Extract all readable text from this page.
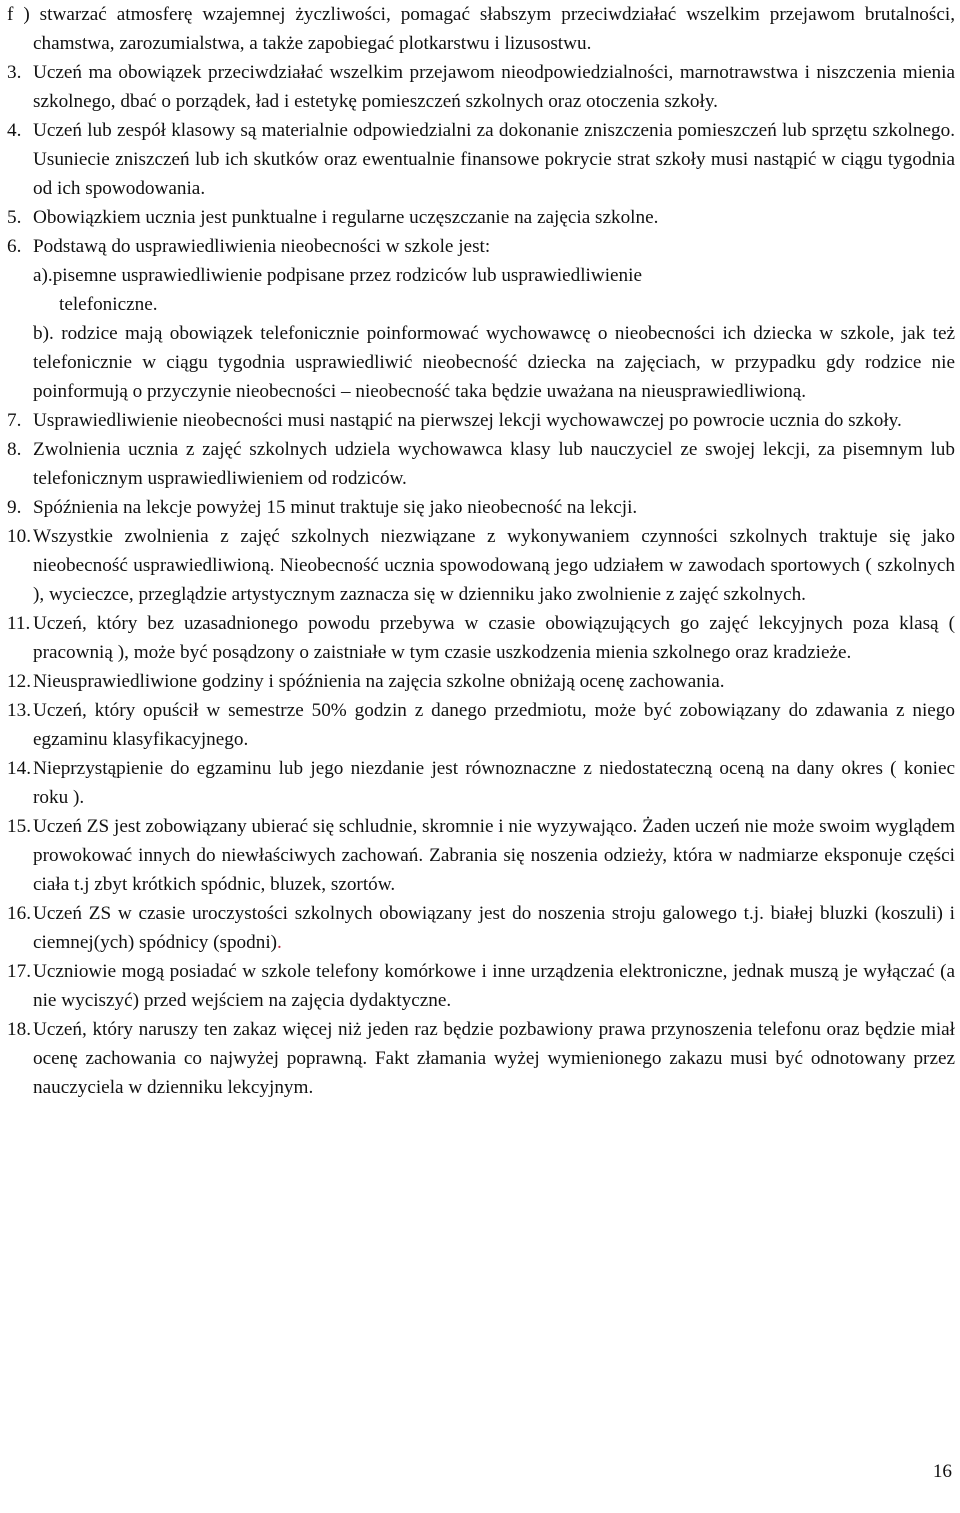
f ) stwarzać atmosferę wzajemnej życzliwości, pomagać słabszym przeciwdziałać wszelkim przejawom brutalności, chamstwa, zarozumialstwa, a także zapobiegać plotkarstwu i lizusostwu.
3. Uczeń ma obowiązek przeciwdziałać wszelkim przejawom nieodpowiedzialności, marnotrawstwa i niszczenia mienia szkolnego, dbać o porządek, ład i estetykę pomieszczeń szkolnych oraz otoczenia szkoły.
4. Uczeń lub zespół klasowy są materialnie odpowiedzialni za dokonanie zniszczenia pomieszczeń lub sprzętu szkolnego. Usuniecie zniszczeń lub ich skutków oraz ewentualnie finansowe pokrycie strat szkoły musi nastąpić w ciągu tygodnia od ich spowodowania.
5. Obowiązkiem ucznia jest punktualne i regularne uczęszczanie na zajęcia szkolne.
6. Podstawą do usprawiedliwienia nieobecności w szkole jest:
a).pisemne usprawiedliwienie podpisane przez rodziców lub usprawiedliwienie
telefoniczne.
b). rodzice mają obowiązek telefonicznie poinformować wychowawcę o nieobecności ich dziecka w szkole, jak też telefonicznie w ciągu tygodnia usprawiedliwić nieobecność dziecka na zajęciach, w przypadku gdy rodzice nie poinformują o przyczynie nieobecności – nieobecność taka będzie uważana na nieusprawiedliwioną.
7. Usprawiedliwienie nieobecności musi nastąpić na pierwszej lekcji wychowawczej po powrocie ucznia do szkoły.
8. Zwolnienia ucznia z zajęć szkolnych udziela wychowawca klasy lub nauczyciel ze swojej lekcji, za pisemnym lub telefonicznym usprawiedliwieniem od rodziców.
9. Spóźnienia na lekcje powyżej 15 minut traktuje się jako nieobecność na lekcji.
10. Wszystkie zwolnienia z zajęć szkolnych niezwiązane z wykonywaniem czynności szkolnych traktuje się jako nieobecność usprawiedliwioną. Nieobecność ucznia spowodowaną jego udziałem w zawodach sportowych ( szkolnych ), wycieczce, przeglądzie artystycznym zaznacza się w dzienniku jako zwolnienie z zajęć szkolnych.
11. Uczeń, który bez uzasadnionego powodu przebywa w czasie obowiązujących go zajęć lekcyjnych poza klasą ( pracownią ), może być posądzony o zaistniałe w tym czasie uszkodzenia mienia szkolnego oraz kradzieże.
12. Nieusprawiedliwione godziny i spóźnienia na zajęcia szkolne obniżają ocenę zachowania.
13. Uczeń, który opuścił w semestrze 50% godzin z danego przedmiotu, może być zobowiązany do zdawania z niego egzaminu klasyfikacyjnego.
14. Nieprzystąpienie do egzaminu lub jego niezdanie jest równoznaczne z niedostateczną oceną na dany okres ( koniec roku ).
15. Uczeń ZS jest zobowiązany ubierać się schludnie, skromnie i nie wyzywająco. Żaden uczeń nie może swoim wyglądem prowokować innych do niewłaściwych zachowań. Zabrania się noszenia odzieży, która w nadmiarze eksponuje części ciała t.j zbyt krótkich spódnic, bluzek, szortów.
16. Uczeń ZS w czasie uroczystości szkolnych obowiązany jest do noszenia stroju galowego t.j. białej bluzki (koszuli) i ciemnej(ych) spódnicy (spodni).
17. Uczniowie mogą posiadać w szkole telefony komórkowe i inne urządzenia elektroniczne, jednak muszą je wyłączać (a nie wyciszyć) przed wejściem na zajęcia dydaktyczne.
18. Uczeń, który naruszy ten zakaz więcej niż jeden raz będzie pozbawiony prawa przynoszenia telefonu oraz będzie miał ocenę zachowania co najwyżej poprawną. Fakt złamania wyżej wymienionego zakazu musi być odnotowany przez nauczyciela w dzienniku lekcyjnym.
16
